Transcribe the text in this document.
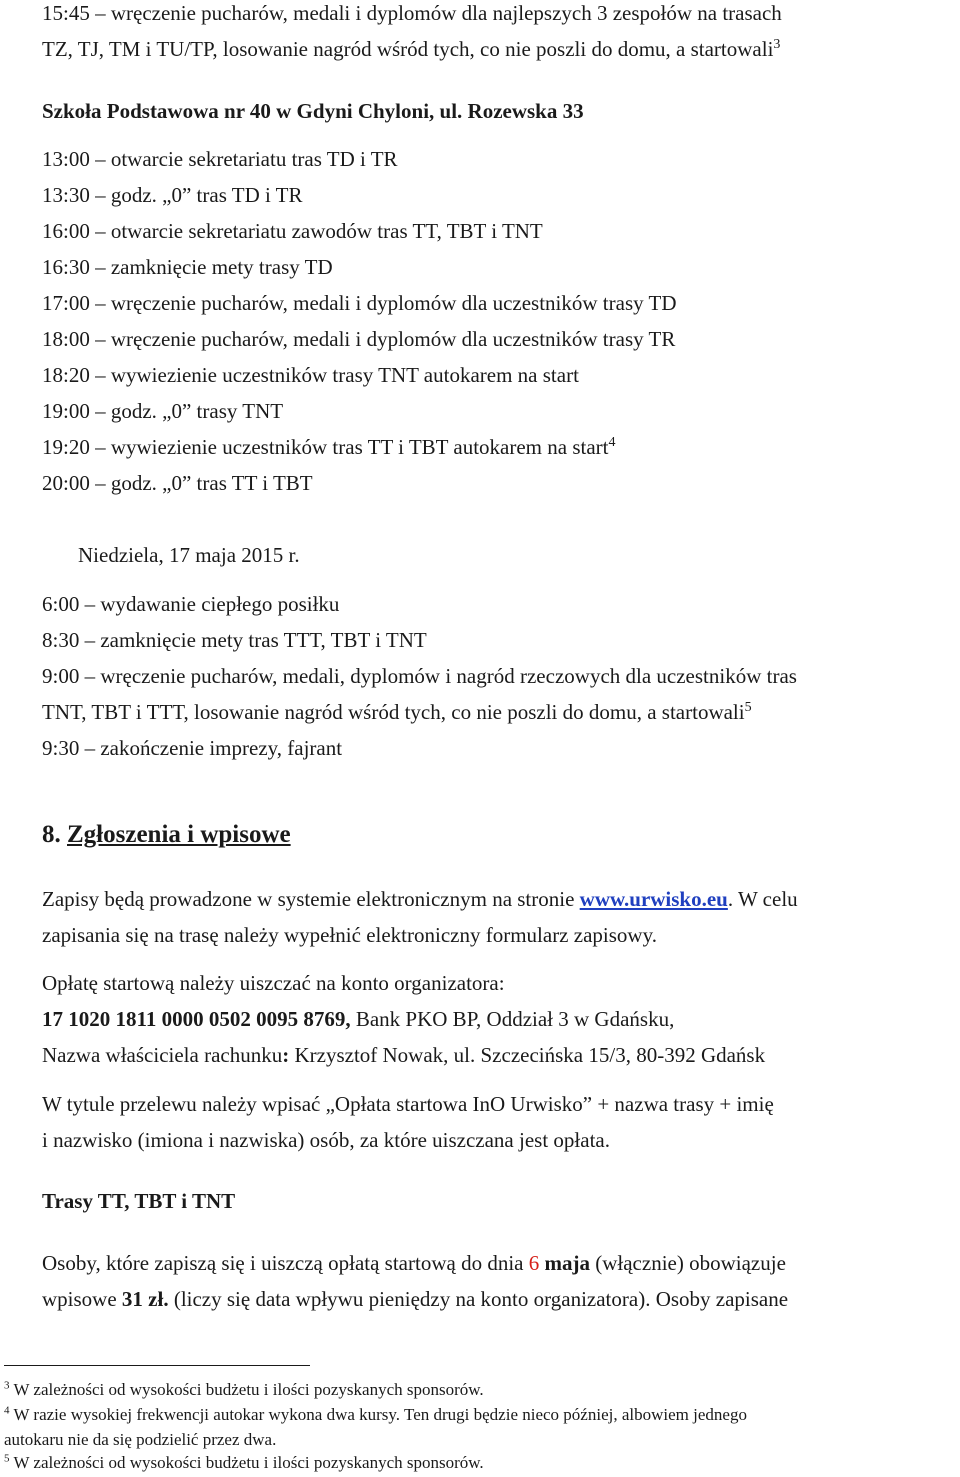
15:45 – wręczenie pucharów, medali i dyplomów dla najlepszych 3 zespołów na trasach

TZ, TJ, TM i TU/TP, losowanie nagród wśród tych, co nie poszli do domu, a startowali$^3$

Szkoła Podstawowa nr 40 w Gdyni Chyloni, ul. Rozewska 33

13:00 – otwarcie sekretariatu tras TD i TR

13:30 – godz. „0” tras TD i TR

16:00 – otwarcie sekretariatu zawodów tras TT, TBT i TNT

16:30 – zamknięcie mety trasy TD

17:00 – wręczenie pucharów, medali i dyplomów dla uczestników trasy TD

18:00 – wręczenie pucharów, medali i dyplomów dla uczestników trasy TR

18:20 – wywiezienie uczestników trasy TNT autokarem na start

19:00 – godz. „0” trasy TNT

19:20 – wywiezienie uczestników tras TT i TBT autokarem na start$^4$

20:00 – godz. „0” tras TT i TBT

Niedziela, 17 maja 2015 r.

6:00 – wydawanie ciepłego posiłku

8:30 – zamknięcie mety tras TTT, TBT i TNT

9:00 – wręczenie pucharów, medali, dyplomów i nagród rzeczowych dla uczestników tras

TNT, TBT i TTT, losowanie nagród wśród tych, co nie poszli do domu, a startowali$^5$

9:30 – zakończenie imprezy, fajrant

8. Zgłoszenia i wpisowe

Zapisy będą prowadzone w systemie elektronicznym na stronie www.urwisko.eu. W celu

zapisania się na trasę należy wypełnić elektroniczny formularz zapisowy.

Opłatę startową należy uiszczać na konto organizatora:

17 1020 1811 0000 0502 0095 8769, Bank PKO BP, Oddział 3 w Gdańsku,

Nazwa właściciela rachunku: Krzysztof Nowak, ul. Szczecińska 15/3, 80-392 Gdańsk

W tytule przelewu należy wpisać „Opłata startowa InO Urwisko” + nazwa trasy + imię

i nazwisko (imiona i nazwiska) osób, za które uiszczana jest opłata.

Trasy TT, TBT i TNT

Osoby, które zapiszą się i uiszczą opłatą startową do dnia 6 maja (włącznie) obowiązuje

wpisowe 31 zł. (liczy się data wpływu pieniędzy na konto organizatora). Osoby zapisane

$^3$ W zależności od wysokości budżetu i ilości pozyskanych sponsorów.

$^4$ W razie wysokiej frekwencji autokar wykona dwa kursy. Ten drugi będzie nieco później, albowiem jednego

autokaru nie da się podzielić przez dwa.

$^5$ W zależności od wysokości budżetu i ilości pozyskanych sponsorów.
